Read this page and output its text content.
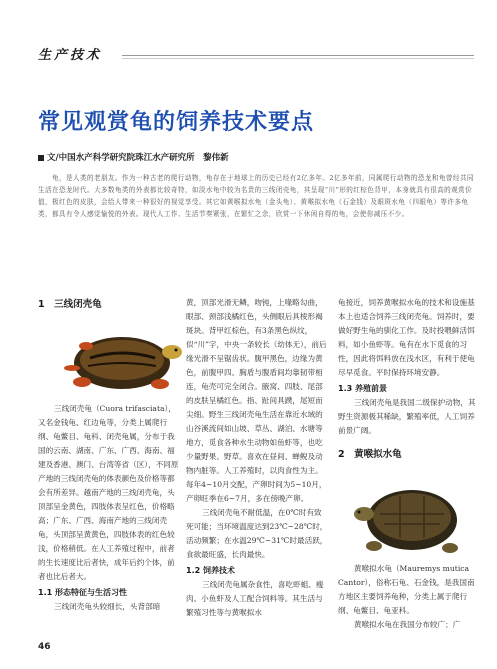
生产技术
常见观赏龟的饲养技术要点
文/中国水产科学研究院珠江水产研究所　黎伟新
龟，是人类的老朋友。作为一种古老的爬行动物，龟存在于地球上的历史已经有2亿多年。2亿多年前，同属爬行动物的恐龙和龟曾经共同生活在恐龙时代。大多数龟类的外表都比较奇特，如淡水龟中较为名贵的三线闭壳龟，其呈现“川”形的红棕色背甲，本身就具有很高的观赏价值，极红色的皮肤，会给人带来一种很好的视觉享受。其它如黄喉拟水龟（金头龟）、黄喉拟水龟（石金钱）及眼斑水龟（四眼龟）等许多龟类，都具有令人感觉愉悦的外表。现代人工作、生活节奏紧张，在繁忙之余，欣赏一下休闲自得的龟，会使你减压不少。
1　三线闭壳龟

三线闭壳龟（Cuora trifasciata），又名金钱龟、红边龟等，分类上属爬行纲、龟鳖目、龟科、闭壳龟属，分布于我国的云南、湖南、广东、广西、海南、福建及香港、澳门、台湾等省（区），不同原产地的三线闭壳龟的体表颜色及价格等都会有所差异。越南产地的三线闭壳龟，头顶部呈金黄色，四肢体表呈红色，价格略高；广东、广西、海南产地的三线闭壳龟，头顶部呈黄黄色，四肢体表的红色较浅，价格稍低。在人工养殖过程中，前者的生长速度比后者快，成年后约个体，前者也比后者大。

1.1 形态特征与生活习性

三线闭壳龟头较细长，头背部暗

黄，顶部光滑无鳞，吻钝，上喙略勾曲，眼部、颈部浅橘红色，头侧眼后具棱形褐斑块。背甲红棕色，有3条黑色纵纹，似“川”字，中央一条较长（幼体无），前后缘光滑不呈锯齿状。腹甲黑色，边缘为黄色，前腹甲四、胸盾与腹盾间均靠韧带相连，龟壳可完全闭合。腋窝、四肢、尾部的皮肤呈橘红色。指、趾间具蹼，尾短而尖细。野生三线闭壳龟生活在靠近水域的山谷溪流间如山坡、草丛、湖泊、水塘等地方，觅食各种水生动物如鱼虾等，也吃少量野果、野草。喜欢在昼间、蝉鲵及动物内脏等。人工养殖时，以肉食性为主。每年4~10月交配，产卵时间为5~10月，产卵旺季在6~7月，多在傍晚产卵。

三线闭壳龟不耐低温，在0℃时有致死可能；当环境温度达到23℃~28℃时，活动频繁；在水温29℃~31℃时最活跃，食欲最旺盛，长肉最快。

1.2 饲养技术

三线闭壳龟属杂食性，喜吃虾蛆、瘦肉、小鱼虾及人工配合饲料等。其生活与繁殖习性等与黄喉拟水

龟接近，饲养黄喉拟水龟的技术和设施基本上也适合饲养三线闭壳龟。饲养时，要做好野生龟的驯化工作。及时投喂鲜活饵料，如小鱼虾等。龟有在水下觅食的习性，因此将饵料放在浅水区，有利于使龟尽早觅食。平时保持环境安静。

1.3 养殖前景

三线闭壳龟是我国二级保护动物，其野生资源极其稀缺，繁殖率低，人工饲养前景广阔。

2　黄喉拟水龟

黄喉拟水龟（Mauremys mutica Cantor），俗称石龟、石金钱，是我国南方地区主要饲养龟种，分类上属于爬行纲、龟鳖目、龟亚科。

黄喉拟水龟在我国分布较广；广

46
